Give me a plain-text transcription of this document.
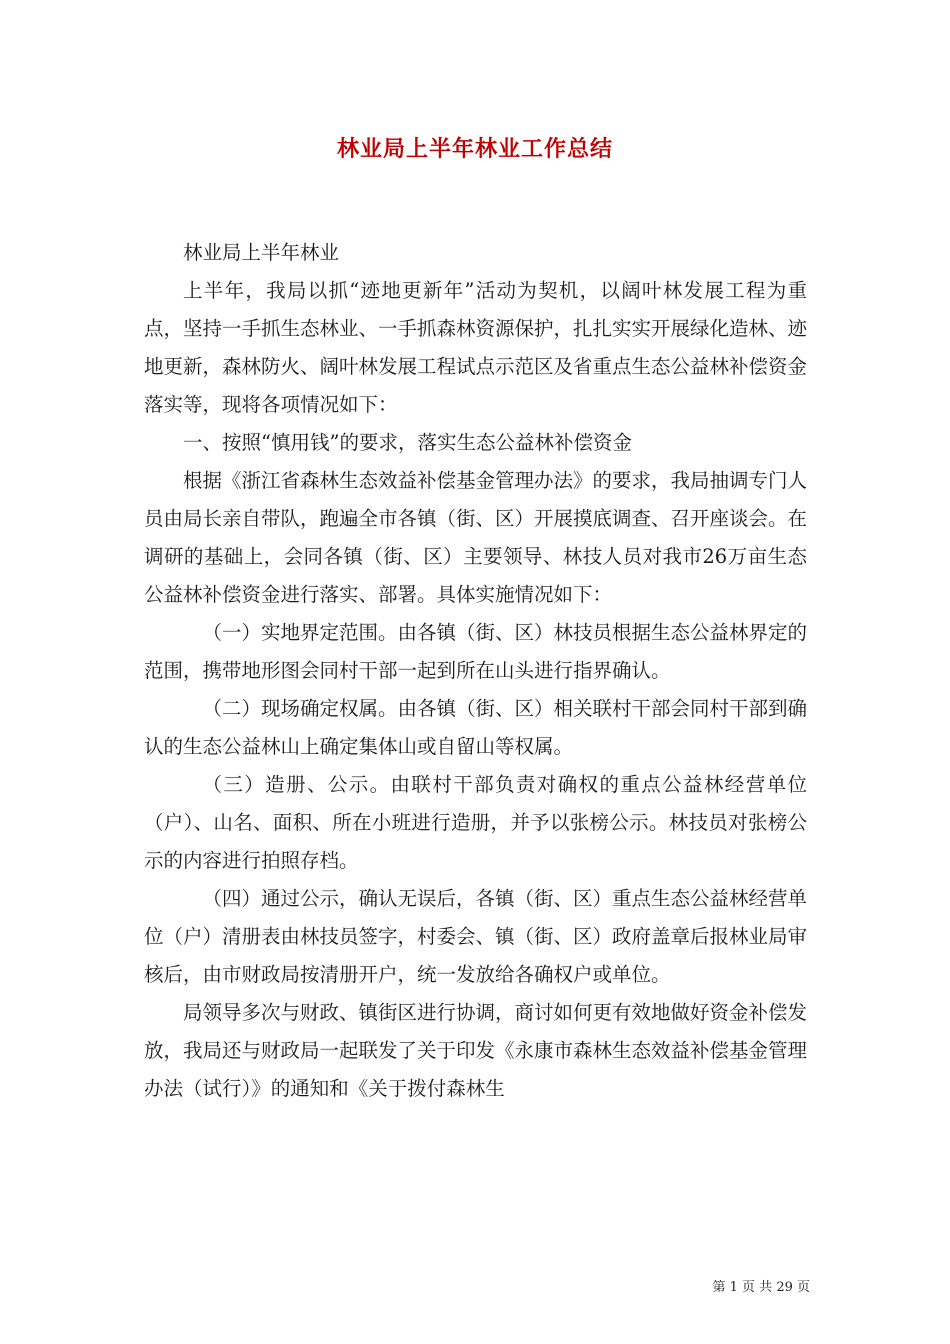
林业局上半年林业工作总结

林业局上半年林业

上半年，我局以抓“迹地更新年”活动为契机，以阔叶林发展工程为重点，坚持一手抓生态林业、一手抓森林资源保护，扎扎实实开展绿化造林、迹地更新，森林防火、阔叶林发展工程试点示范区及省重点生态公益林补偿资金落实等，现将各项情况如下：

一、按照“慎用钱”的要求，落实生态公益林补偿资金

根据《浙江省森林生态效益补偿基金管理办法》的要求，我局抽调专门人员由局长亲自带队，跑遍全市各镇（街、区）开展摸底调查、召开座谈会。在调研的基础上，会同各镇（街、区）主要领导、林技人员对我市26万亩生态公益林补偿资金进行落实、部署。具体实施情况如下：

（一）实地界定范围。由各镇（街、区）林技员根据生态公益林界定的范围，携带地形图会同村干部一起到所在山头进行指界确认。

（二）现场确定权属。由各镇（街、区）相关联村干部会同村干部到确认的生态公益林山上确定集体山或自留山等权属。

（三）造册、公示。由联村干部负责对确权的重点公益林经营单位（户）、山名、面积、所在小班进行造册，并予以张榜公示。林技员对张榜公示的内容进行拍照存档。

（四）通过公示，确认无误后，各镇（街、区）重点生态公益林经营单位（户）清册表由林技员签字，村委会、镇（街、区）政府盖章后报林业局审核后，由市财政局按清册开户，统一发放给各确权户或单位。

局领导多次与财政、镇街区进行协调，商讨如何更有效地做好资金补偿发放，我局还与财政局一起联发了关于印发《永康市森林生态效益补偿基金管理办法（试行）》的通知和《关于拨付森林生

第 1 页 共 29 页
